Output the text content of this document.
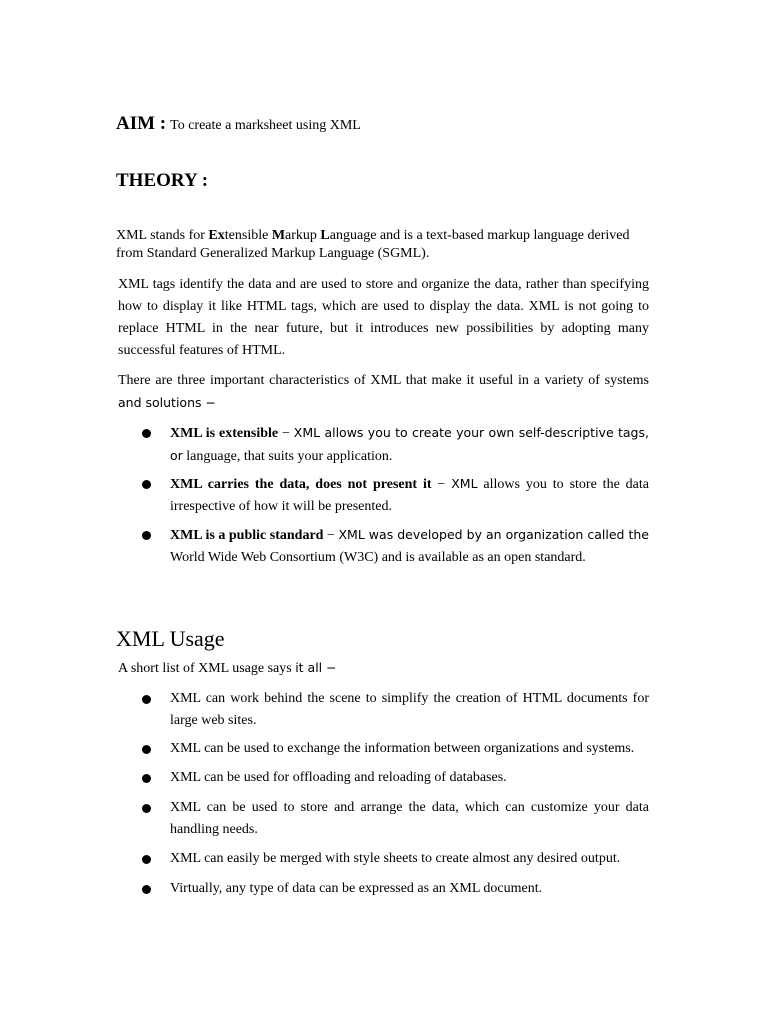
AIM : To create a marksheet using XML
THEORY :

XML stands for Extensible Markup Language and is a text-based markup language derived from Standard Generalized Markup Language (SGML).

XML tags identify the data and are used to store and organize the data, rather than specifying how to display it like HTML tags, which are used to display the data. XML is not going to replace HTML in the near future, but it introduces new possibilities by adopting many successful features of HTML.

There are three important characteristics of XML that make it useful in a variety of systems and solutions −

XML is extensible − XML allows you to create your own self-descriptive tags, or language, that suits your application.

XML carries the data, does not present it − XML allows you to store the data irrespective of how it will be presented.

XML is a public standard − XML was developed by an organization called the World Wide Web Consortium (W3C) and is available as an open standard.

XML Usage

A short list of XML usage says it all −

XML can work behind the scene to simplify the creation of HTML documents for large web sites.

XML can be used to exchange the information between organizations and systems.

XML can be used for offloading and reloading of databases.

XML can be used to store and arrange the data, which can customize your data handling needs.

XML can easily be merged with style sheets to create almost any desired output.

Virtually, any type of data can be expressed as an XML document.
